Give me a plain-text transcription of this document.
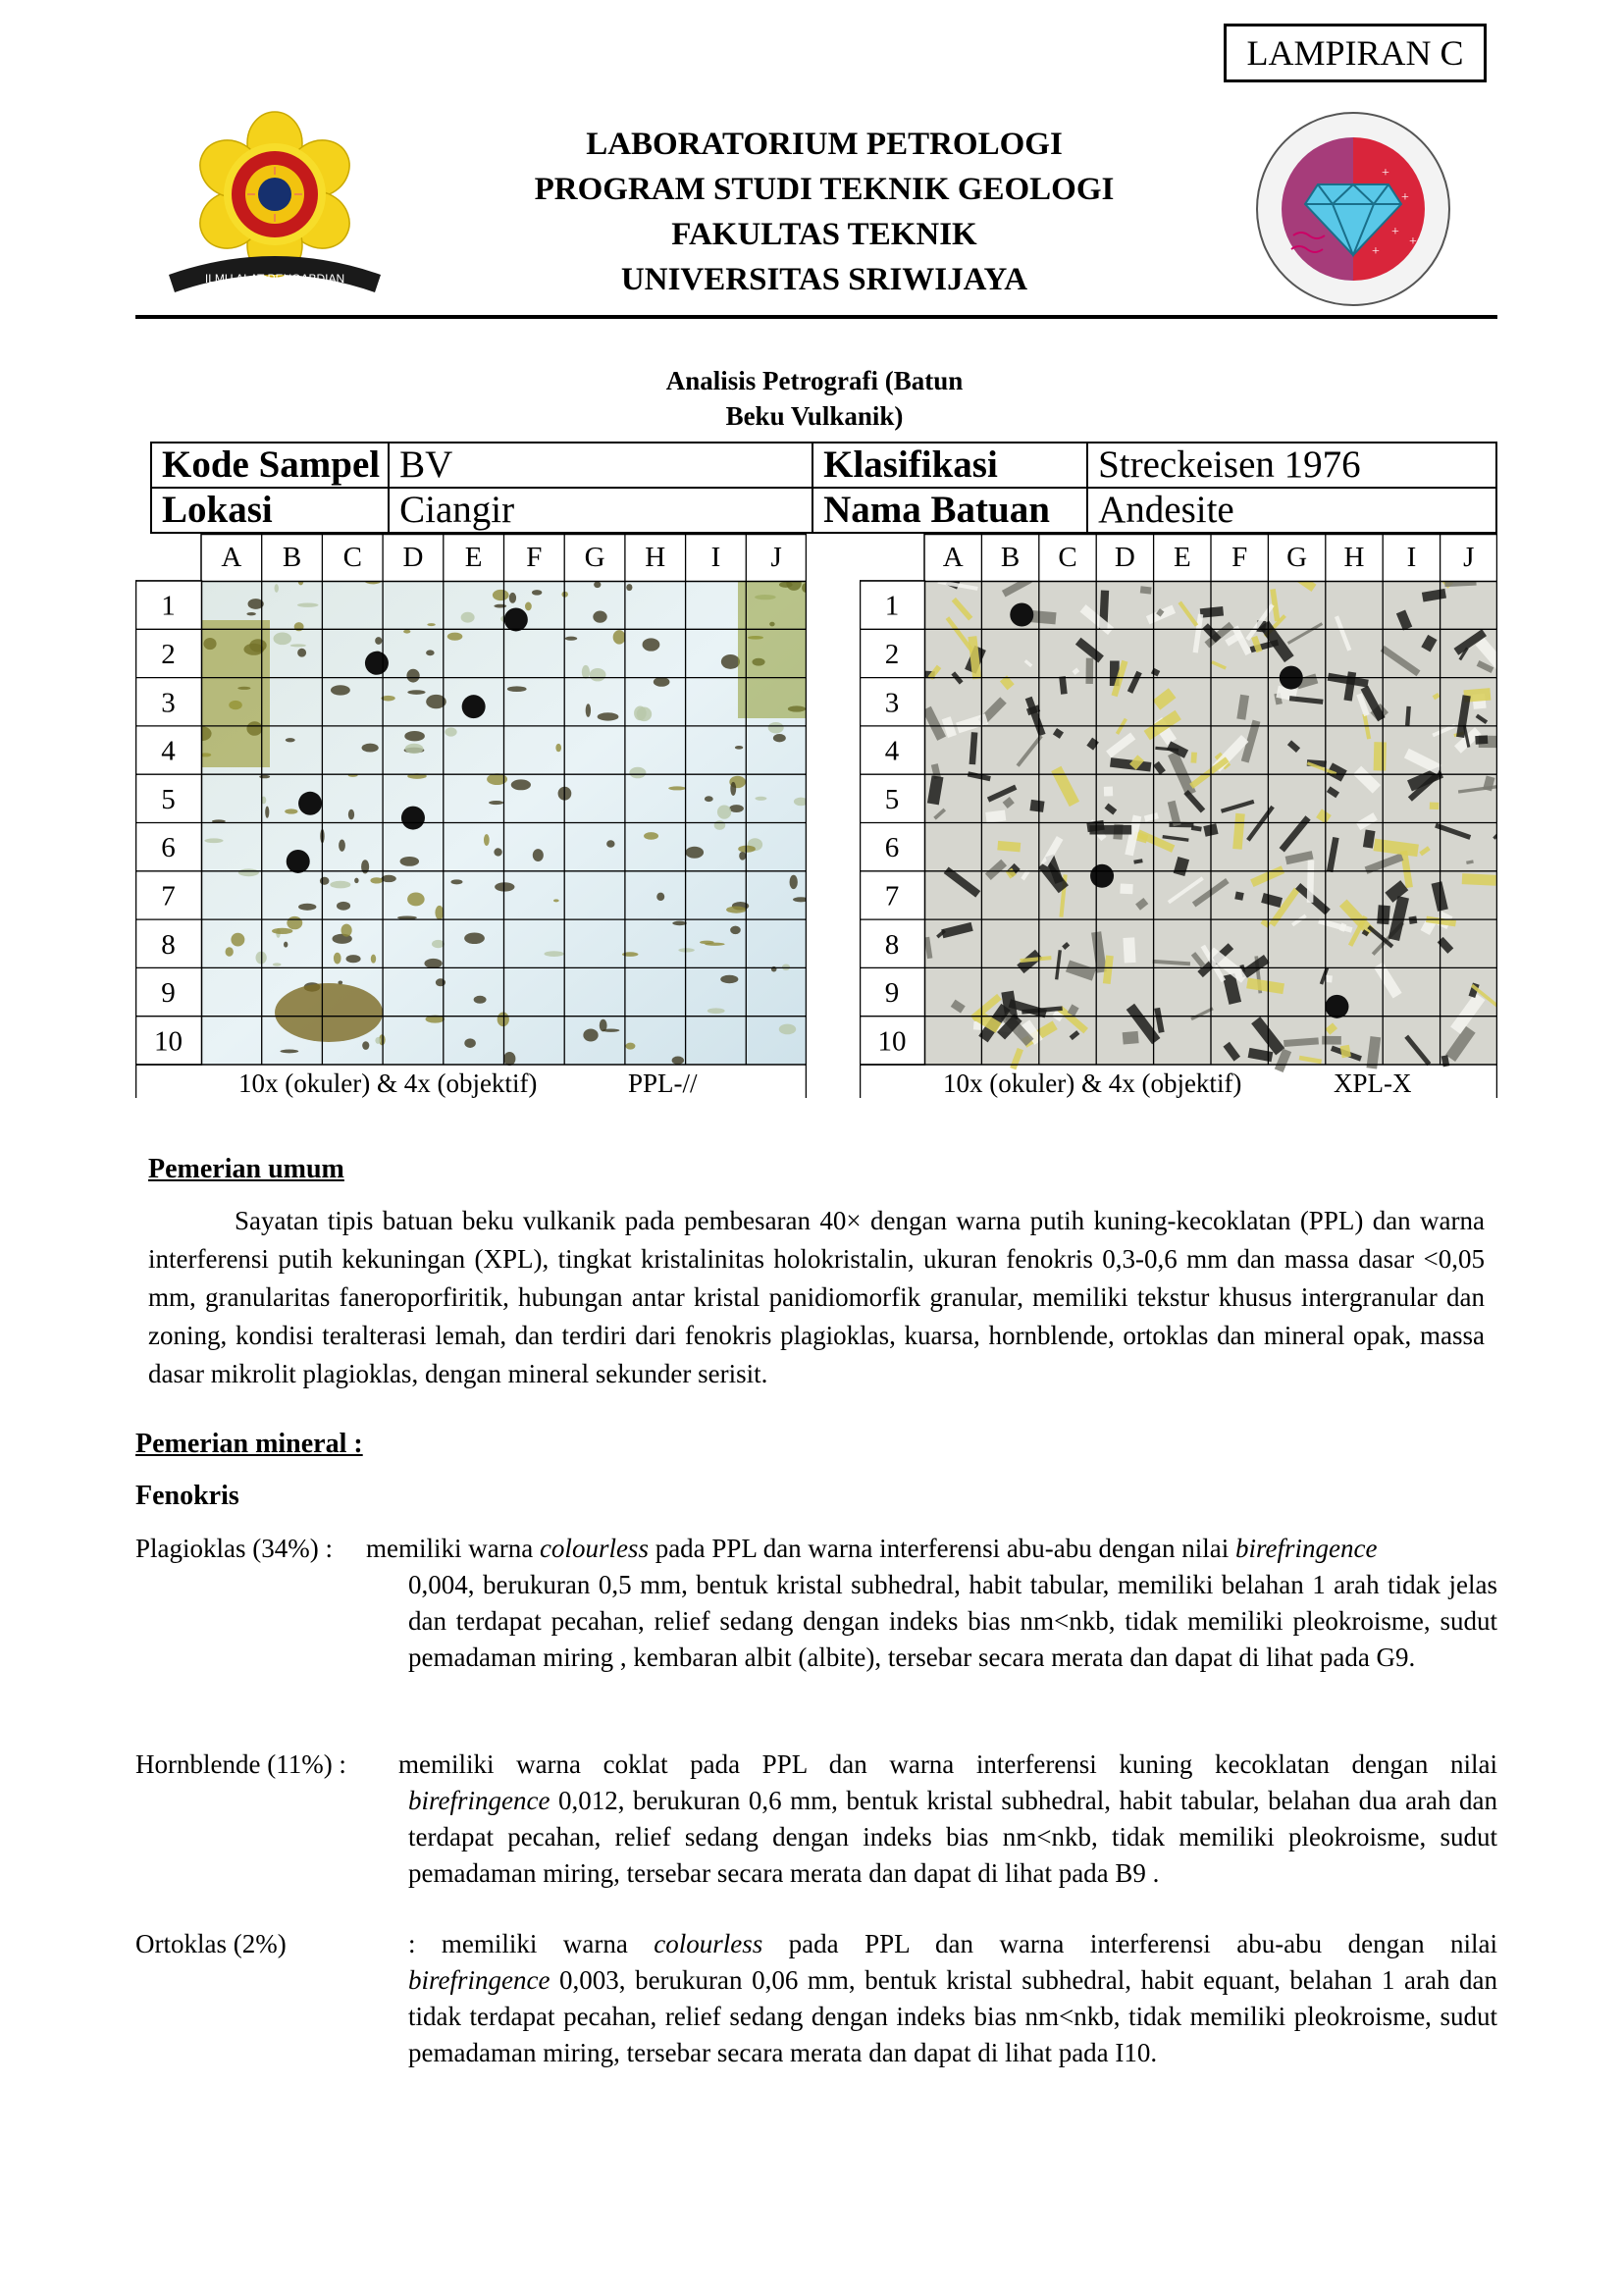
LAMPIRAN C
ILMU ALAT PENGABDIAN
LABORATORIUM PETROLOGI
PROGRAM STUDI TEKNIK GEOLOGI
FAKULTAS TEKNIK
UNIVERSITAS SRIWIJAYA
+
+
+
+
+
Analisis Petrografi (Batun
Beku Vulkanik)
Kode Sampel	BV	Klasifikasi	Streckeisen 1976
Lokasi	Ciangir	Nama Batuan	Andesite
A B C D E F G H I J
1
2
3
4
5
6
7
8
9
10
10x (okuler) & 4x (objektif)	PPL-//
A B C D E F G H I J
1
2
3
4
5
6
7
8
9
10
10x (okuler) & 4x (objektif)	XPL-X
Pemerian umum
Sayatan tipis batuan beku vulkanik pada pembesaran 40× dengan warna putih kuning-kecoklatan (PPL) dan warna interferensi putih kekuningan (XPL), tingkat kristalinitas holokristalin, ukuran fenokris 0,3-0,6 mm dan massa dasar <0,05 mm, granularitas faneroporfiritik, hubungan antar kristal panidiomorfik granular, memiliki tekstur khusus intergranular dan zoning, kondisi teralterasi lemah, dan terdiri dari fenokris plagioklas, kuarsa, hornblende, ortoklas dan mineral opak, massa dasar mikrolit plagioklas, dengan mineral sekunder serisit.
Pemerian mineral :
Fenokris
Plagioklas (34%) : memiliki warna colourless pada PPL dan warna interferensi abu-abu dengan nilai birefringence
0,004, berukuran 0,5 mm, bentuk kristal subhedral, habit tabular, memiliki belahan 1 arah tidak jelas dan terdapat pecahan, relief sedang dengan indeks bias nm<nkb, tidak memiliki pleokroisme, sudut pemadaman miring , kembaran albit (albite), tersebar secara merata dan dapat di lihat pada G9.
Hornblende (11%) : memiliki warna coklat pada PPL dan warna interferensi kuning kecoklatan dengan nilai
birefringence 0,012, berukuran 0,6 mm, bentuk kristal subhedral, habit tabular, belahan dua arah dan terdapat pecahan, relief sedang dengan indeks bias nm<nkb, tidak memiliki pleokroisme, sudut pemadaman miring, tersebar secara merata dan dapat di lihat pada B9 .
Ortoklas (2%)	: memiliki warna colourless pada PPL dan warna interferensi abu-abu dengan nilai
birefringence 0,003, berukuran 0,06 mm, bentuk kristal subhedral, habit equant, belahan 1 arah dan tidak terdapat pecahan, relief sedang dengan indeks bias nm<nkb, tidak memiliki pleokroisme, sudut pemadaman miring, tersebar secara merata dan dapat di lihat pada I10.
